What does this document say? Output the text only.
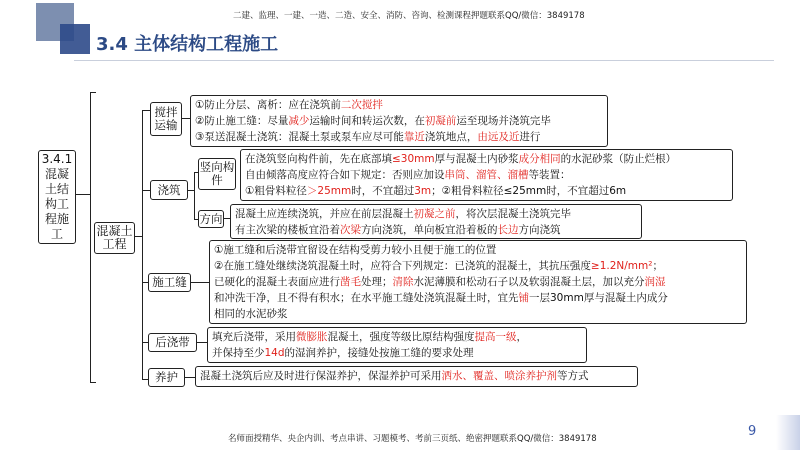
二建、监理、一建、一造、二造、安全、消防、咨询、检测课程押题联系QQ/微信：3849178
3.4 主体结构工程施工
3.4.1混凝土结构工程施工	混凝土工程
搅拌运输
①防止分层、离析：应在浇筑前二次搅拌
②防止施工缝：尽量减少运输时间和转运次数，在初凝前运至现场并浇筑完毕
③泵送混凝土浇筑：混凝土泵或泵车应尽可能靠近浇筑地点，由远及近进行
浇筑
竖向构件
在浇筑竖向构件前，先在底部填≤30mm厚与混凝土内砂浆成分相同的水泥砂浆（防止烂根）
自由倾落高度应符合如下规定：否则应加设串筒、溜管、溜槽等装置：
①粗骨料粒径＞25mm时，不宜超过3m；②粗骨料粒径≤25mm时，不宜超过6m
方向 混凝土应连续浇筑，并应在前层混凝土初凝之前，将次层混凝土浇筑完毕
有主次梁的楼板宜沿着次梁方向浇筑，单向板宜沿着板的长边方向浇筑
施工缝
①施工缝和后浇带宜留设在结构受剪力较小且便于施工的位置
②在施工缝处继续浇筑混凝土时，应符合下列规定：已浇筑的混凝土，其抗压强度≥1.2N/mm²；
已硬化的混凝土表面应进行凿毛处理；清除水泥薄膜和松动石子以及软弱混凝土层，加以充分润湿
和冲洗干净，且不得有积水；在水平施工缝处浇筑混凝土时，宜先铺一层30mm厚与混凝土内成分
相同的水泥砂浆
后浇带 填充后浇带，采用微膨胀混凝土，强度等级比原结构强度提高一级，
并保持至少14d的湿润养护，接缝处按施工缝的要求处理
养护 混凝土浇筑后应及时进行保湿养护，保湿养护可采用洒水、覆盖、喷涂养护剂等方式
名师面授精华、央企内训、考点串讲、习题模考、考前三页纸、绝密押题联系QQ/微信：3849178	9
